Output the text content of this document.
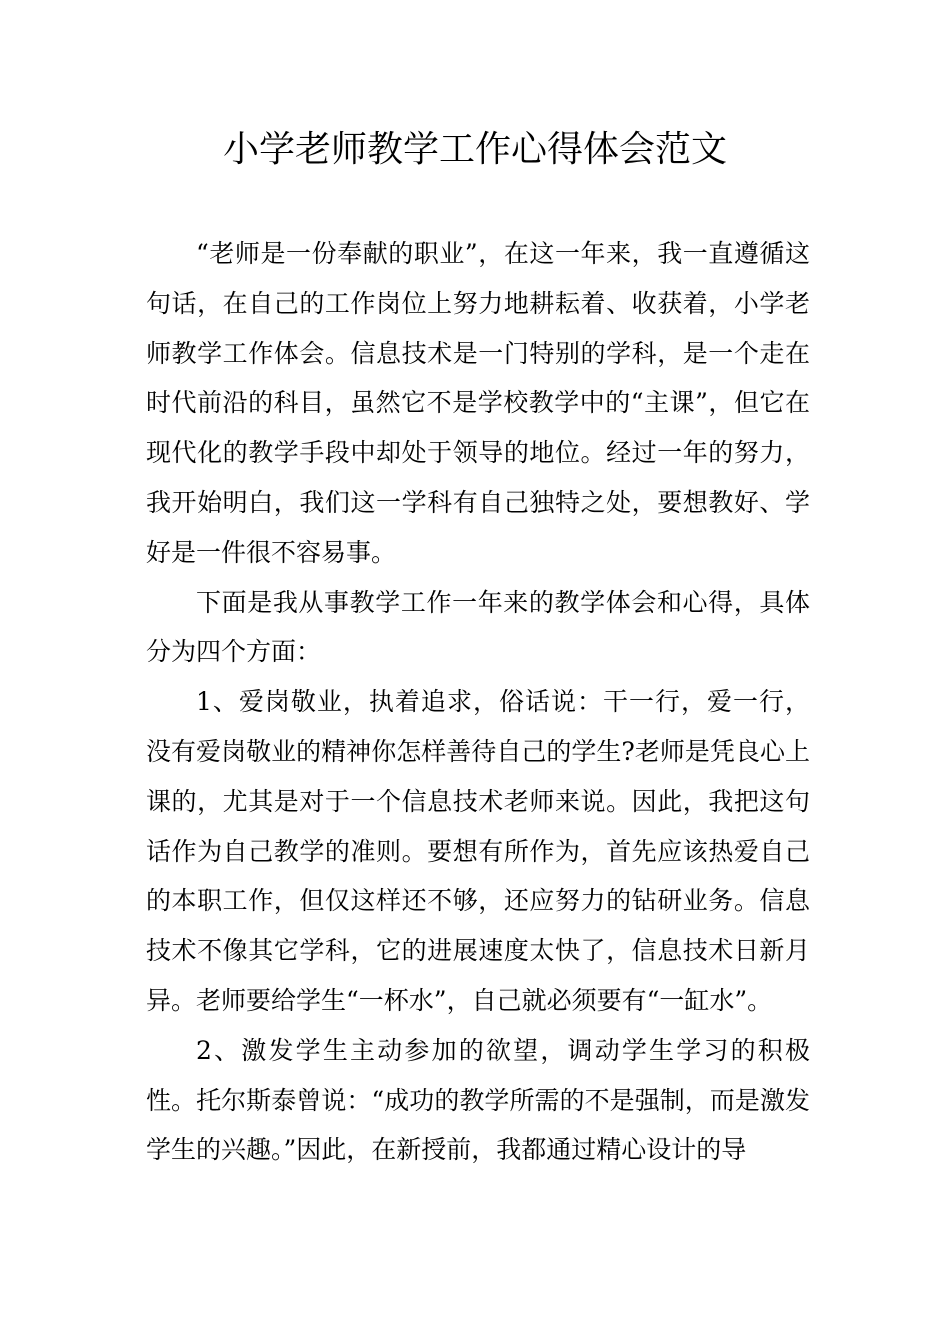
小学老师教学工作心得体会范文

“老师是一份奉献的职业”，在这一年来，我一直遵循这句话，在自己的工作岗位上努力地耕耘着、收获着，小学老师教学工作体会。信息技术是一门特别的学科，是一个走在时代前沿的科目，虽然它不是学校教学中的“主课”，但它在现代化的教学手段中却处于领导的地位。经过一年的努力，我开始明白，我们这一学科有自己独特之处，要想教好、学好是一件很不容易事。

下面是我从事教学工作一年来的教学体会和心得，具体分为四个方面：

1、爱岗敬业，执着追求，俗话说：干一行，爱一行，没有爱岗敬业的精神你怎样善待自己的学生?老师是凭良心上课的，尤其是对于一个信息技术老师来说。因此，我把这句话作为自己教学的准则。要想有所作为，首先应该热爱自己的本职工作，但仅这样还不够，还应努力的钻研业务。信息技术不像其它学科，它的进展速度太快了，信息技术日新月异。老师要给学生“一杯水”，自己就必须要有“一缸水”。

2、激发学生主动参加的欲望，调动学生学习的积极性。托尔斯泰曾说：“成功的教学所需的不是强制，而是激发学生的兴趣。”因此，在新授前，我都通过精心设计的导
